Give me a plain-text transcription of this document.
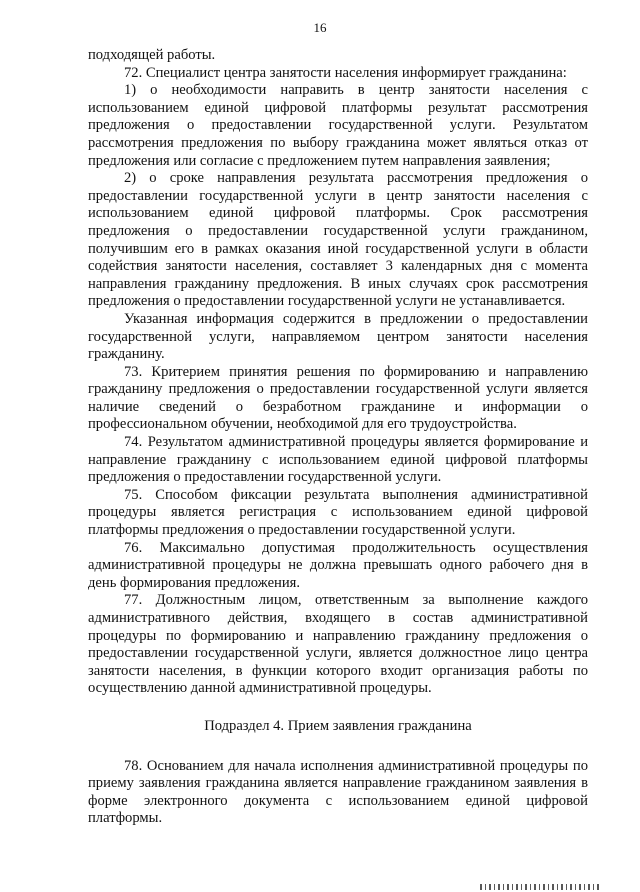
16

подходящей работы.

72. Специалист центра занятости населения информирует гражданина:

1) о необходимости направить в центр занятости населения с использованием единой цифровой платформы результат рассмотрения предложения о предоставлении государственной услуги. Результатом рассмотрения предложения по выбору гражданина может являться отказ от предложения или согласие с предложением путем направления заявления;

2) о сроке направления результата рассмотрения предложения о предоставлении государственной услуги в центр занятости населения с использованием единой цифровой платформы. Срок рассмотрения предложения о предоставлении государственной услуги гражданином, получившим его в рамках оказания иной государственной услуги в области содействия занятости населения, составляет 3 календарных дня с момента направления гражданину предложения. В иных случаях срок рассмотрения предложения о предоставлении государственной услуги не устанавливается.

Указанная информация содержится в предложении о предоставлении государственной услуги, направляемом центром занятости населения гражданину.

73. Критерием принятия решения по формированию и направлению гражданину предложения о предоставлении государственной услуги является наличие сведений о безработном гражданине и информации о профессиональном обучении, необходимой для его трудоустройства.

74. Результатом административной процедуры является формирование и направление гражданину с использованием единой цифровой платформы предложения о предоставлении государственной услуги.

75. Способом фиксации результата выполнения административной процедуры является регистрация с использованием единой цифровой платформы предложения о предоставлении государственной услуги.

76. Максимально допустимая продолжительность осуществления административной процедуры не должна превышать одного рабочего дня в день формирования предложения.

77. Должностным лицом, ответственным за выполнение каждого административного действия, входящего в состав административной процедуры по формированию и направлению гражданину предложения о предоставлении государственной услуги, является должностное лицо центра занятости населения, в функции которого входит организация работы по осуществлению данной административной процедуры.

Подраздел 4. Прием заявления гражданина

78. Основанием для начала исполнения административной процедуры по приему заявления гражданина является направление гражданином заявления в форме электронного документа с использованием единой цифровой платформы.
